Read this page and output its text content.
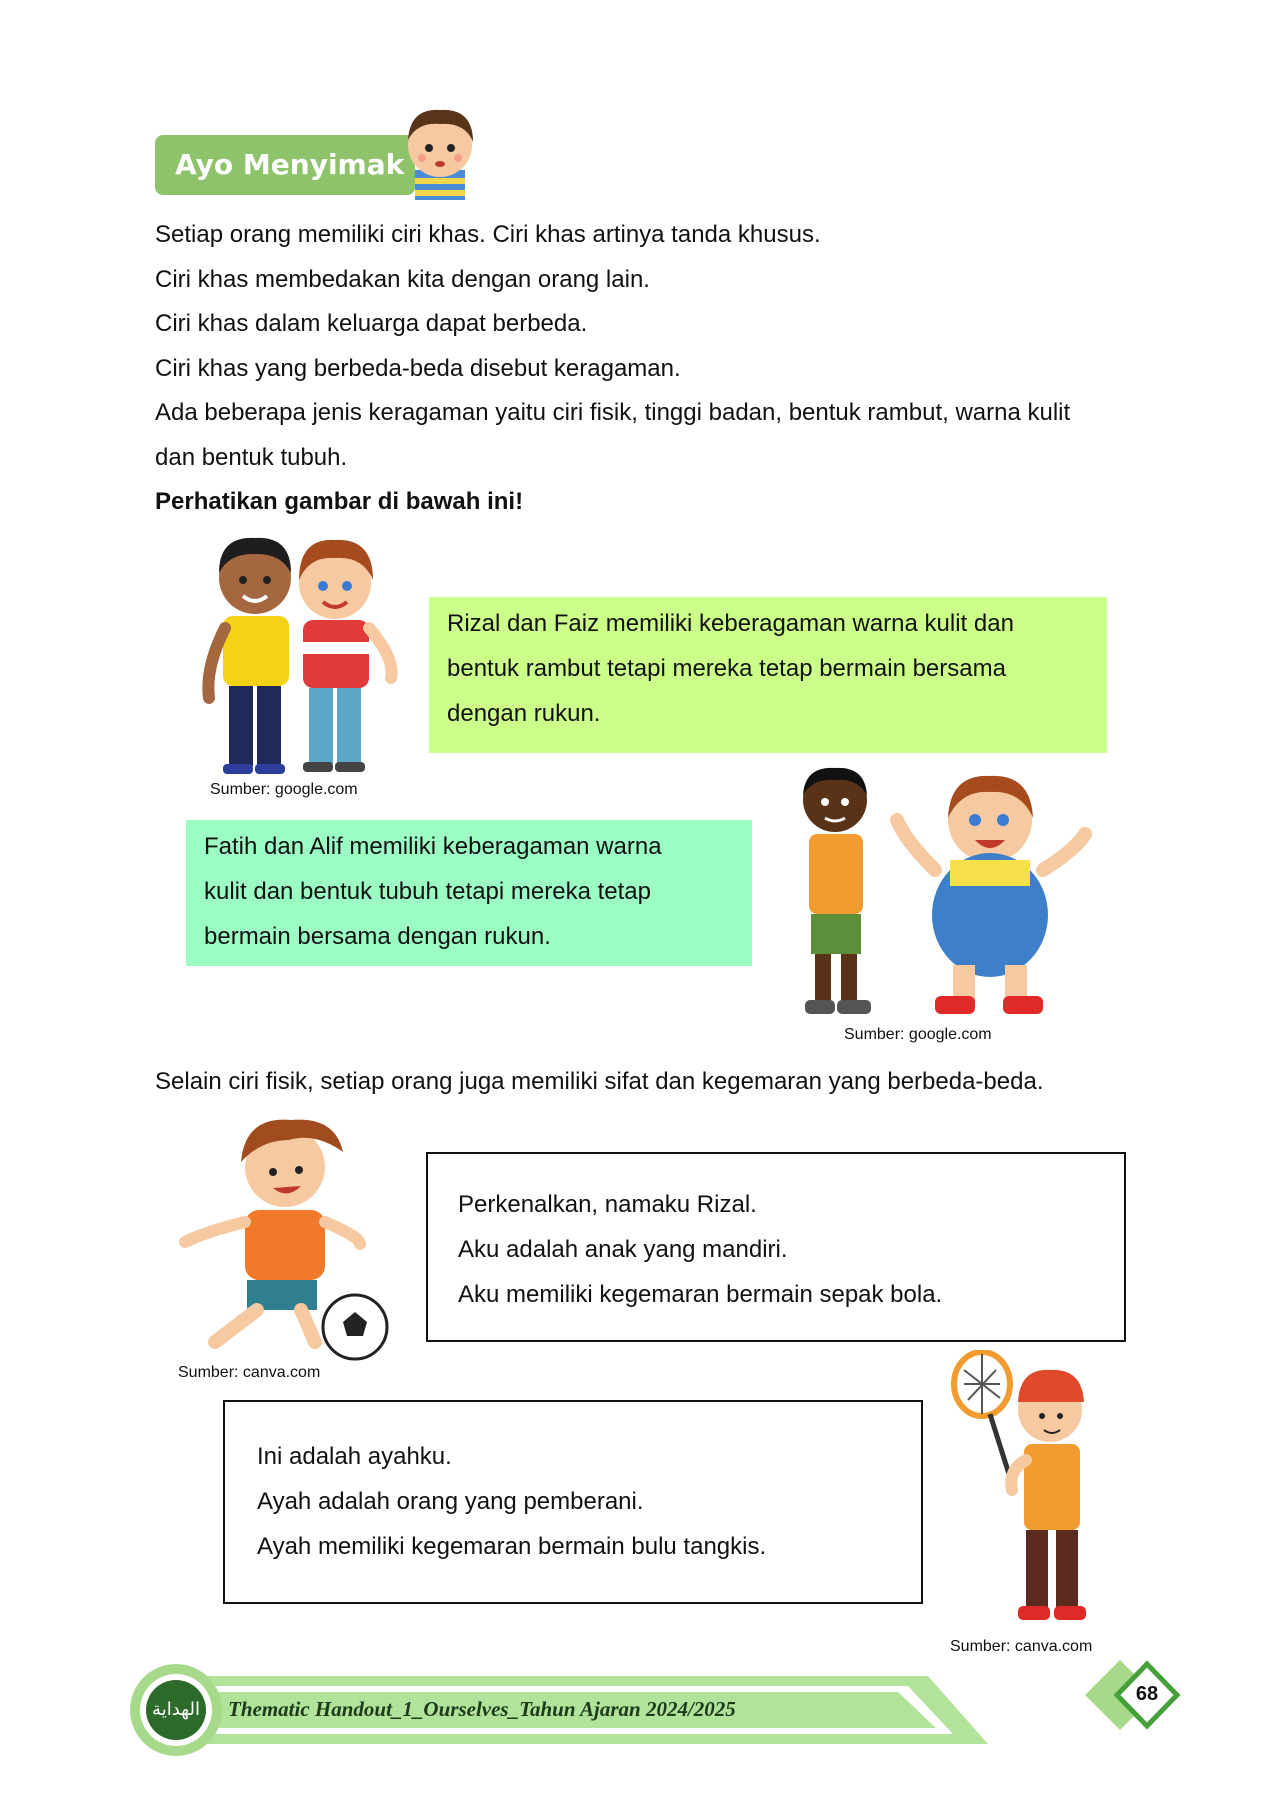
Ayo Menyimak

Setiap orang memiliki ciri khas. Ciri khas artinya tanda khusus.

Ciri khas membedakan kita dengan orang lain.

Ciri khas dalam keluarga dapat berbeda.

Ciri khas yang berbeda-beda disebut keragaman.

Ada beberapa jenis keragaman yaitu ciri fisik, tinggi badan, bentuk rambut, warna kulit

dan bentuk tubuh.

Perhatikan gambar di bawah ini!

Sumber: google.com
Rizal dan Faiz memiliki keberagaman warna kulit dan
bentuk rambut tetapi mereka tetap bermain bersama
dengan rukun.
Fatih dan Alif memiliki keberagaman warna
kulit dan bentuk tubuh tetapi mereka tetap
bermain bersama dengan rukun.
Sumber: google.com
Selain ciri fisik, setiap orang juga memiliki sifat dan kegemaran yang berbeda-beda.
Sumber: canva.com
Perkenalkan, namaku Rizal.
Aku adalah anak yang mandiri.
Aku memiliki kegemaran bermain sepak bola.
Ini adalah ayahku.
Ayah adalah orang yang pemberani.
Ayah memiliki kegemaran bermain bulu tangkis.
Sumber: canva.com
الهداية Thematic Handout_1_Ourselves_Tahun Ajaran 2024/2025
68
